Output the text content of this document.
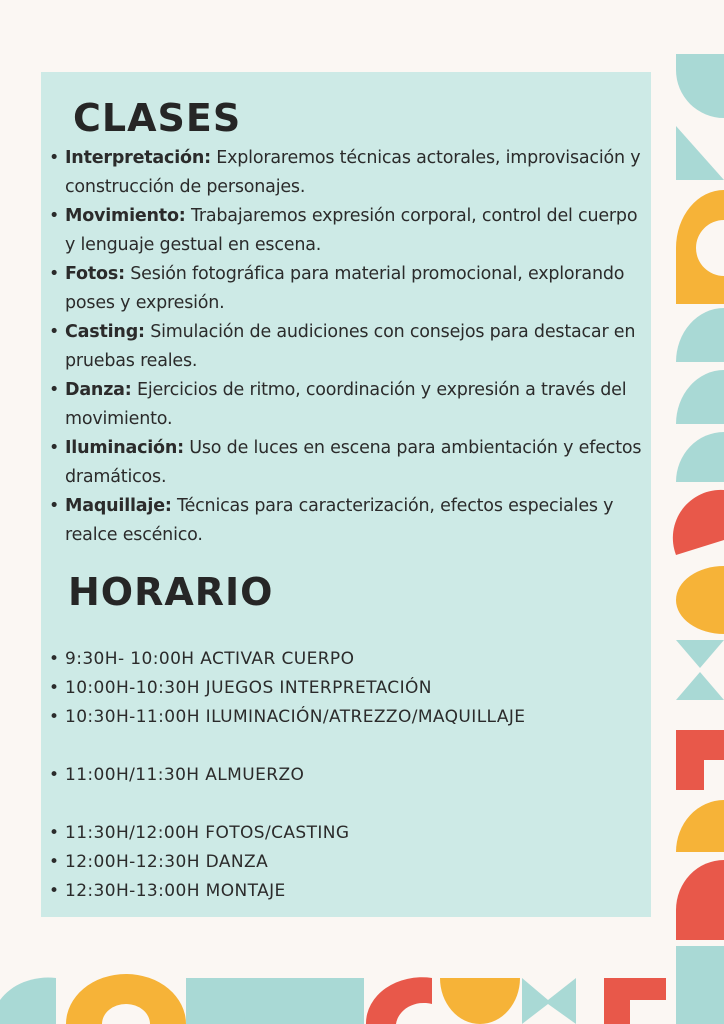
CLASES
• Interpretación: Exploraremos técnicas actorales, improvisación y construcción de personajes.
• Movimiento: Trabajaremos expresión corporal, control del cuerpo y lenguaje gestual en escena.
• Fotos: Sesión fotográfica para material promocional, explorando poses y expresión.
• Casting: Simulación de audiciones con consejos para destacar en pruebas reales.
• Danza: Ejercicios de ritmo, coordinación y expresión a través del movimiento.
• Iluminación: Uso de luces en escena para ambientación y efectos dramáticos.
• Maquillaje: Técnicas para caracterización, efectos especiales y realce escénico.
HORARIO
• 9:30H- 10:00H ACTIVAR CUERPO
• 10:00H-10:30H JUEGOS INTERPRETACIÓN
• 10:30H-11:00H ILUMINACIÓN/ATREZZO/MAQUILLAJE
• 11:00H/11:30H ALMUERZO
• 11:30H/12:00H FOTOS/CASTING
• 12:00H-12:30H DANZA
• 12:30H-13:00H MONTAJE
